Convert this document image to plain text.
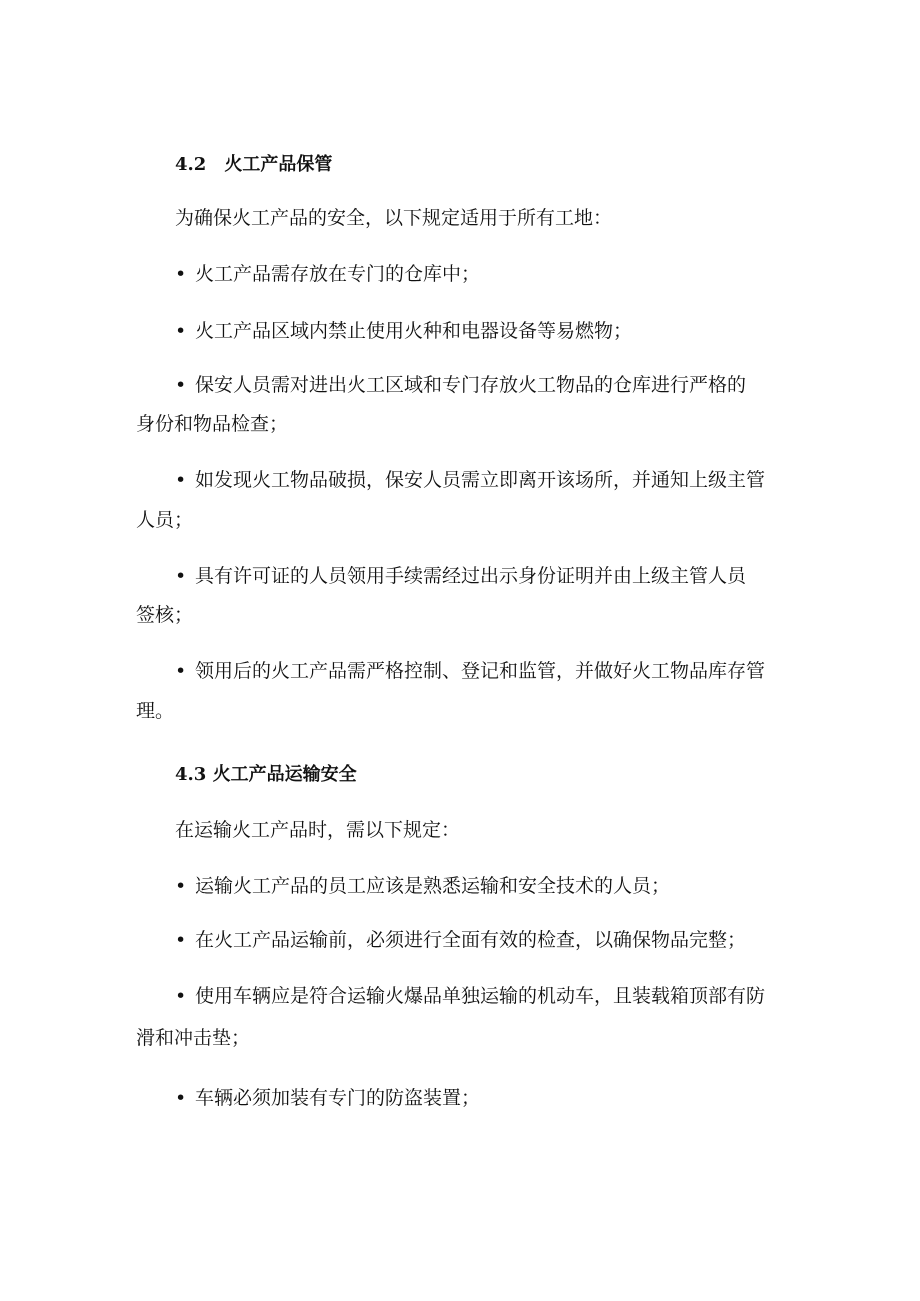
4.2　火工产品保管
为确保火工产品的安全，以下规定适用于所有工地：
• 火工产品需存放在专门的仓库中；
• 火工产品区域内禁止使用火种和电器设备等易燃物；
• 保安人员需对进出火工区域和专门存放火工物品的仓库进行严格的
身份和物品检查；
• 如发现火工物品破损，保安人员需立即离开该场所，并通知上级主管
人员；
• 具有许可证的人员领用手续需经过出示身份证明并由上级主管人员
签核；
• 领用后的火工产品需严格控制、登记和监管，并做好火工物品库存管
理。
4.3 火工产品运输安全
在运输火工产品时，需以下规定：
• 运输火工产品的员工应该是熟悉运输和安全技术的人员；
• 在火工产品运输前，必须进行全面有效的检查，以确保物品完整；
• 使用车辆应是符合运输火爆品单独运输的机动车，且装载箱顶部有防
滑和冲击垫；
• 车辆必须加装有专门的防盗装置；
